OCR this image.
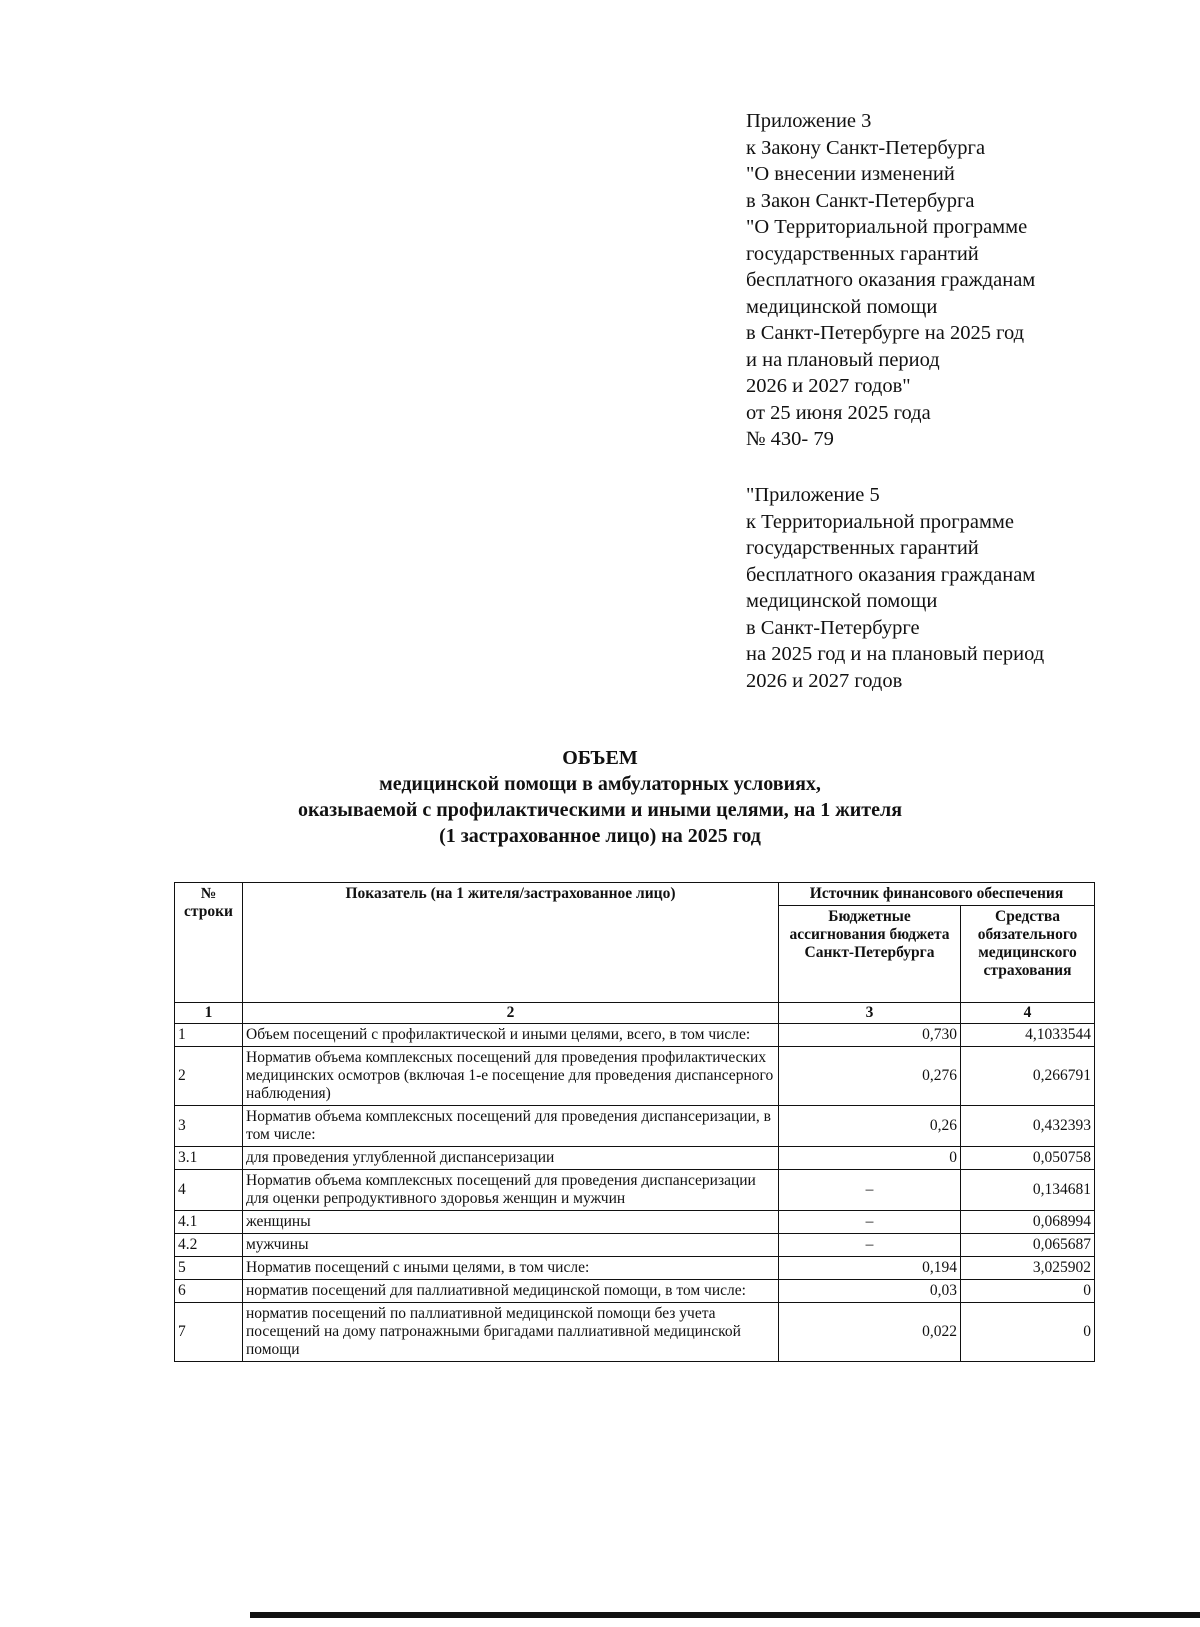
Приложение 3
к Закону Санкт-Петербурга
"О внесении изменений
в Закон Санкт-Петербурга
"О Территориальной программе
государственных гарантий
бесплатного оказания гражданам
медицинской помощи
в Санкт-Петербурге на 2025 год
и на плановый период
2026 и 2027 годов"
от 25 июня 2025 года
№ 430- 79
"Приложение 5
к Территориальной программе
государственных гарантий
бесплатного оказания гражданам
медицинской помощи
в Санкт-Петербурге
на 2025 год и на плановый период
2026 и 2027 годов
ОБЪЕМ
медицинской помощи в амбулаторных условиях,
оказываемой с профилактическими и иными целями, на 1 жителя
(1 застрахованное лицо) на 2025 год
№ строки	Показатель (на 1 жителя/застрахованное лицо)	Источник финансового обеспечения	
		Бюджетные ассигнования бюджета Санкт-Петербурга	Средства обязательного медицинского страхования
1	2	3	4
1	Объем посещений с профилактической и иными целями, всего, в том числе:	0,730	4,1033544
2	Норматив объема комплексных посещений для проведения профилактических медицинских осмотров (включая 1-е посещение для проведения диспансерного наблюдения)	0,276	0,266791
3	Норматив объема комплексных посещений для проведения диспансеризации, в том числе:	0,26	0,432393
3.1	для проведения углубленной диспансеризации	0	0,050758
4	Норматив объема комплексных посещений для проведения диспансеризации для оценки репродуктивного здоровья женщин и мужчин	–	0,134681
4.1	женщины	–	0,068994
4.2	мужчины	–	0,065687
5	Норматив посещений с иными целями, в том числе:	0,194	3,025902
6	норматив посещений для паллиативной медицинской помощи, в том числе:	0,03	0
7	норматив посещений по паллиативной медицинской помощи без учета посещений на дому патронажными бригадами паллиативной медицинской помощи	0,022	0
